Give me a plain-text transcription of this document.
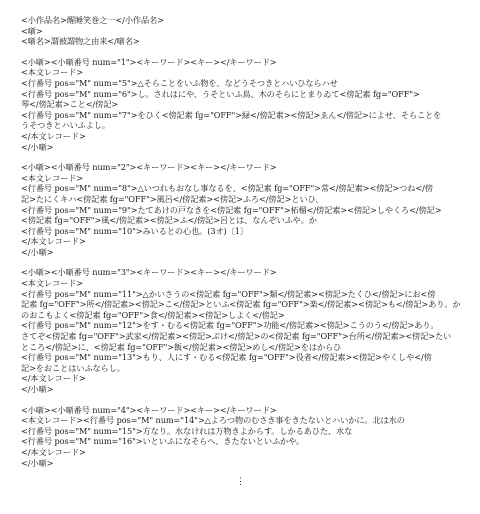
<小作品名>醒睡笑巻之一</小作品名>
<噺>
<噺名>謂被謂物之由来</噺名>
<小噺><小噺番号 num="1"><キーワード><キー></キーワード>
<本文レコード>
<行番号 pos="M" num="5">△そらことをいふ物を、などうそつきとハいひならハせ
<行番号 pos="M" num="6">し。されはにや、うそといふ鳥、木のそらにとまりゐて<傍記素 fg="OFF">
琴</傍記素>こと</傍記>
<行番号 pos="M" num="7">をひく<傍記素 fg="OFF">緑</傍記素><傍記>ゑん</傍記>によせ、そらことを
うそつきとハいふよし。
</本文レコード>
</小噺>
<小噺><小噺番号 num="2"><キーワード><キー></キーワード>
<本文レコード>
<行番号 pos="M" num="8">△いつれもおなし事なるを、<傍記素 fg="OFF">常</傍記素><傍記>つね</傍
記>たにくキハ<傍記素 fg="OFF">風呂</傍記素><傍記>ふろ</傍記>といひ、
<行番号 pos="M" num="9">たてあけの戸なきを<傍記素 fg="OFF">柘榴</傍記素><傍記>しやくろ</傍記>
<傍記素 fg="OFF">風</傍記素><傍記>ふ</傍記>呂とは、なんぞいふや。か
<行番号 pos="M" num="10">みいるとの心也。(3オ)〔1〕
</本文レコード>
</小噺>
<小噺><小噺番号 num="3"><キーワード><キー></キーワード>
<本文レコード>
<行番号 pos="M" num="11">△かいさうの<傍記素 fg="OFF">類</傍記素><傍記>たくひ</傍記>にお<傍
記素 fg="OFF">所</傍記素><傍記>こ</傍記>といふ<傍記素 fg="OFF">楽</傍記素><傍記>も</傍記>あり。か
のおこもよく<傍記素 fg="OFF">食</傍記素><傍記>しよく</傍記>
<行番号 pos="M" num="12">をす・むる<傍記素 fg="OFF">功能</傍記素><傍記>こうのう</傍記>あり。
さてぞ<傍記素 fg="OFF">武家</傍記素><傍記>ぶけ</傍記>の<傍記素 fg="OFF">台所</傍記素><傍記>たい
ところ</傍記>に、<傍記素 fg="OFF">飯</傍記素><傍記>めし</傍記>をはからひ
<行番号 pos="M" num="13">もり、人にす・むる<傍記素 fg="OFF">役者</傍記素><傍記>やくしや</傍
記>をおことはいふならし。
</本文レコード>
</小噺>
<小噺><小噺番号 num="4"><キーワード><キー></キーワード>
<本文レコード><行番号 pos="M" num="14">△よろつ物のむさき事をきたないとハいかに。北は水の
<行番号 pos="M" num="15">方なり。水なけれは万物きよからす。しかるあひた、水な
<行番号 pos="M" num="16">いといふになそらへ、きたないといふかや。
</本文レコード>
</小噺>
⋮
